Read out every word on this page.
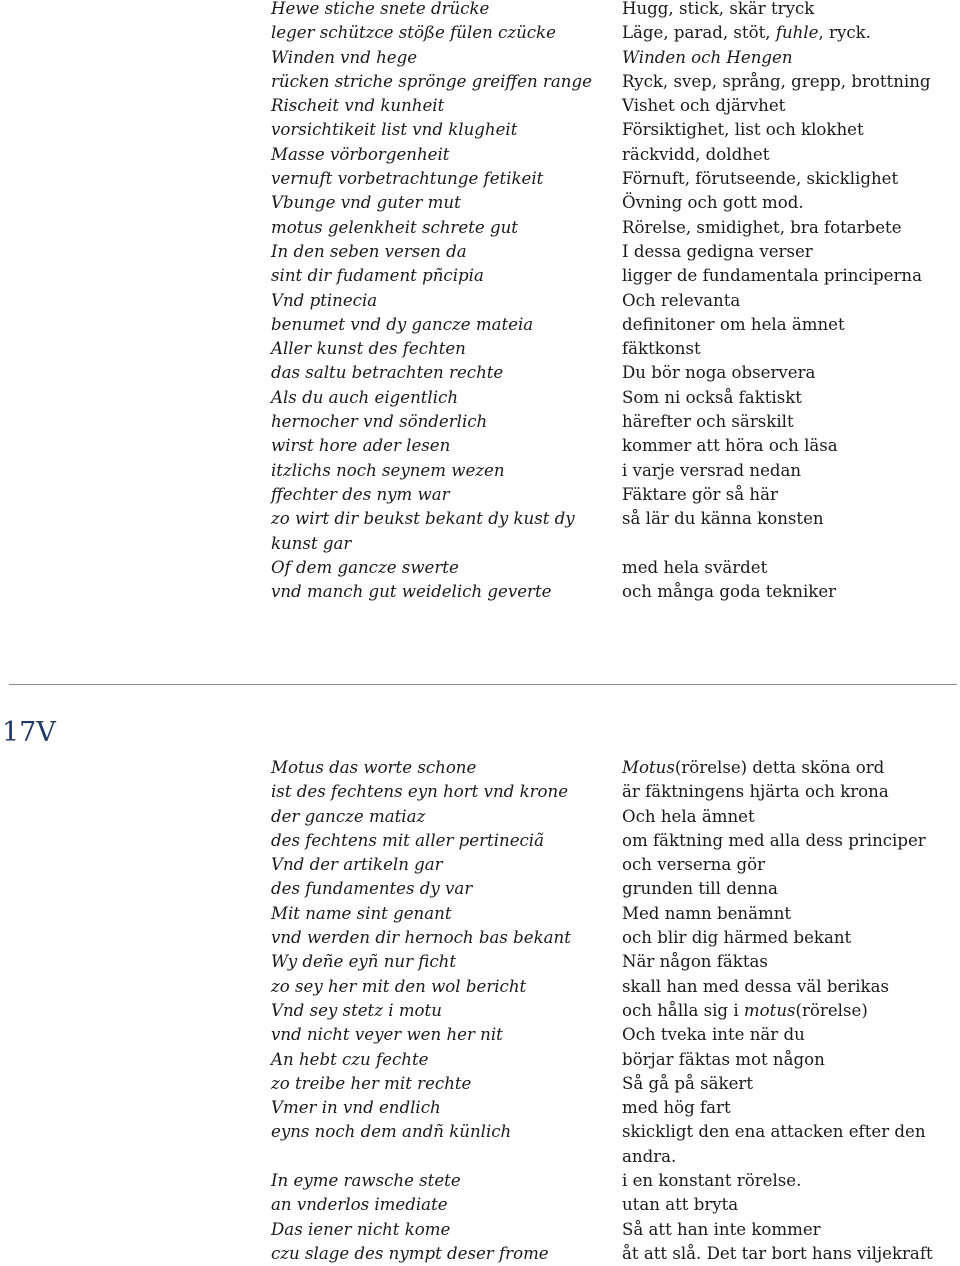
Hewe stiche snete drücke
leger schützce stöße fülen czücke
Winden vnd hege
rücken striche spröngе greiffen range
Rischeit vnd kunheit
vorsichtikeit list vnd klugheit
Masse vörborgenheit
vernuft vorbetrachtunge fetikeit
Vbunge vnd guter mut
motus gelenkheit schrete gut
In den seben versen da
sint dir fudament pñcipia
Vnd ptinecia
benumet vnd dy gancze mateia
Aller kunst des fechten
das saltu betrachten rechte
Als du auch eigentlich
hernocher vnd sönderlich
wirst hore ader lesen
itzlichs noch seynem wezen
ffechter des nym war
zo wirt dir beukst bekant dy kust dy
kunst gar
Of dem gancze swerte
vnd manch gut weidelich geverte
Hugg, stick, skär tryck
Läge, parad, stöt, fuhle, ryck.
Winden och Hengen
Ryck, svep, språng, grepp, brottning
Vishet och djärvhet
Försiktighet, list och klokhet
räckvidd, doldhet
Förnuft, förutseende, skicklighet
Övning och gott mod.
Rörelse, smidighet, bra fotarbete
I dessa gedigna verser
ligger de fundamentala principerna
Och relevanta
definitoner om hela ämnet
fäktkonst
Du bör noga observera
Som ni också faktiskt
härefter och särskilt
kommer att höra och läsa
i varje versrad nedan
Fäktare gör så här
så lär du känna konsten
med hela svärdet
och många goda tekniker
17V
Motus das worte schone
ist des fechtens eyn hort vnd krone
der gancze matiaz
des fechtens mit aller pertineciã
Vnd der artikeln gar
des fundamentes dy var
Mit name sint genant
vnd werden dir hernoch bas bekant
Wy deñe eyñ nur ficht
zo sey her mit den wol bericht
Vnd sey stetz i motu
vnd nicht veyer wen her nit
An hebt czu fechte
zo treibe her mit rechte
Vmer in vnd endlich
eyns noch dem andñ künlich
In eyme rawsche stete
an vnderlos imediate
Das iener nicht kome
czu slage des nympt deser frome
Motus(rörelse) detta sköna ord
är fäktningens hjärta och krona
Och hela ämnet
om fäktning med alla dess principer
och verserna gör
grunden till denna
Med namn benämnt
och blir dig härmed bekant
När någon fäktas
skall han med dessa väl berikas
och hålla sig i motus(rörelse)
Och tveka inte när du
börjar fäktas mot någon
Så gå på säkert
med hög fart
skickligt den ena attacken efter den
andra.
i en konstant rörelse.
utan att bryta
Så att han inte kommer
åt att slå. Det tar bort hans viljekraft
